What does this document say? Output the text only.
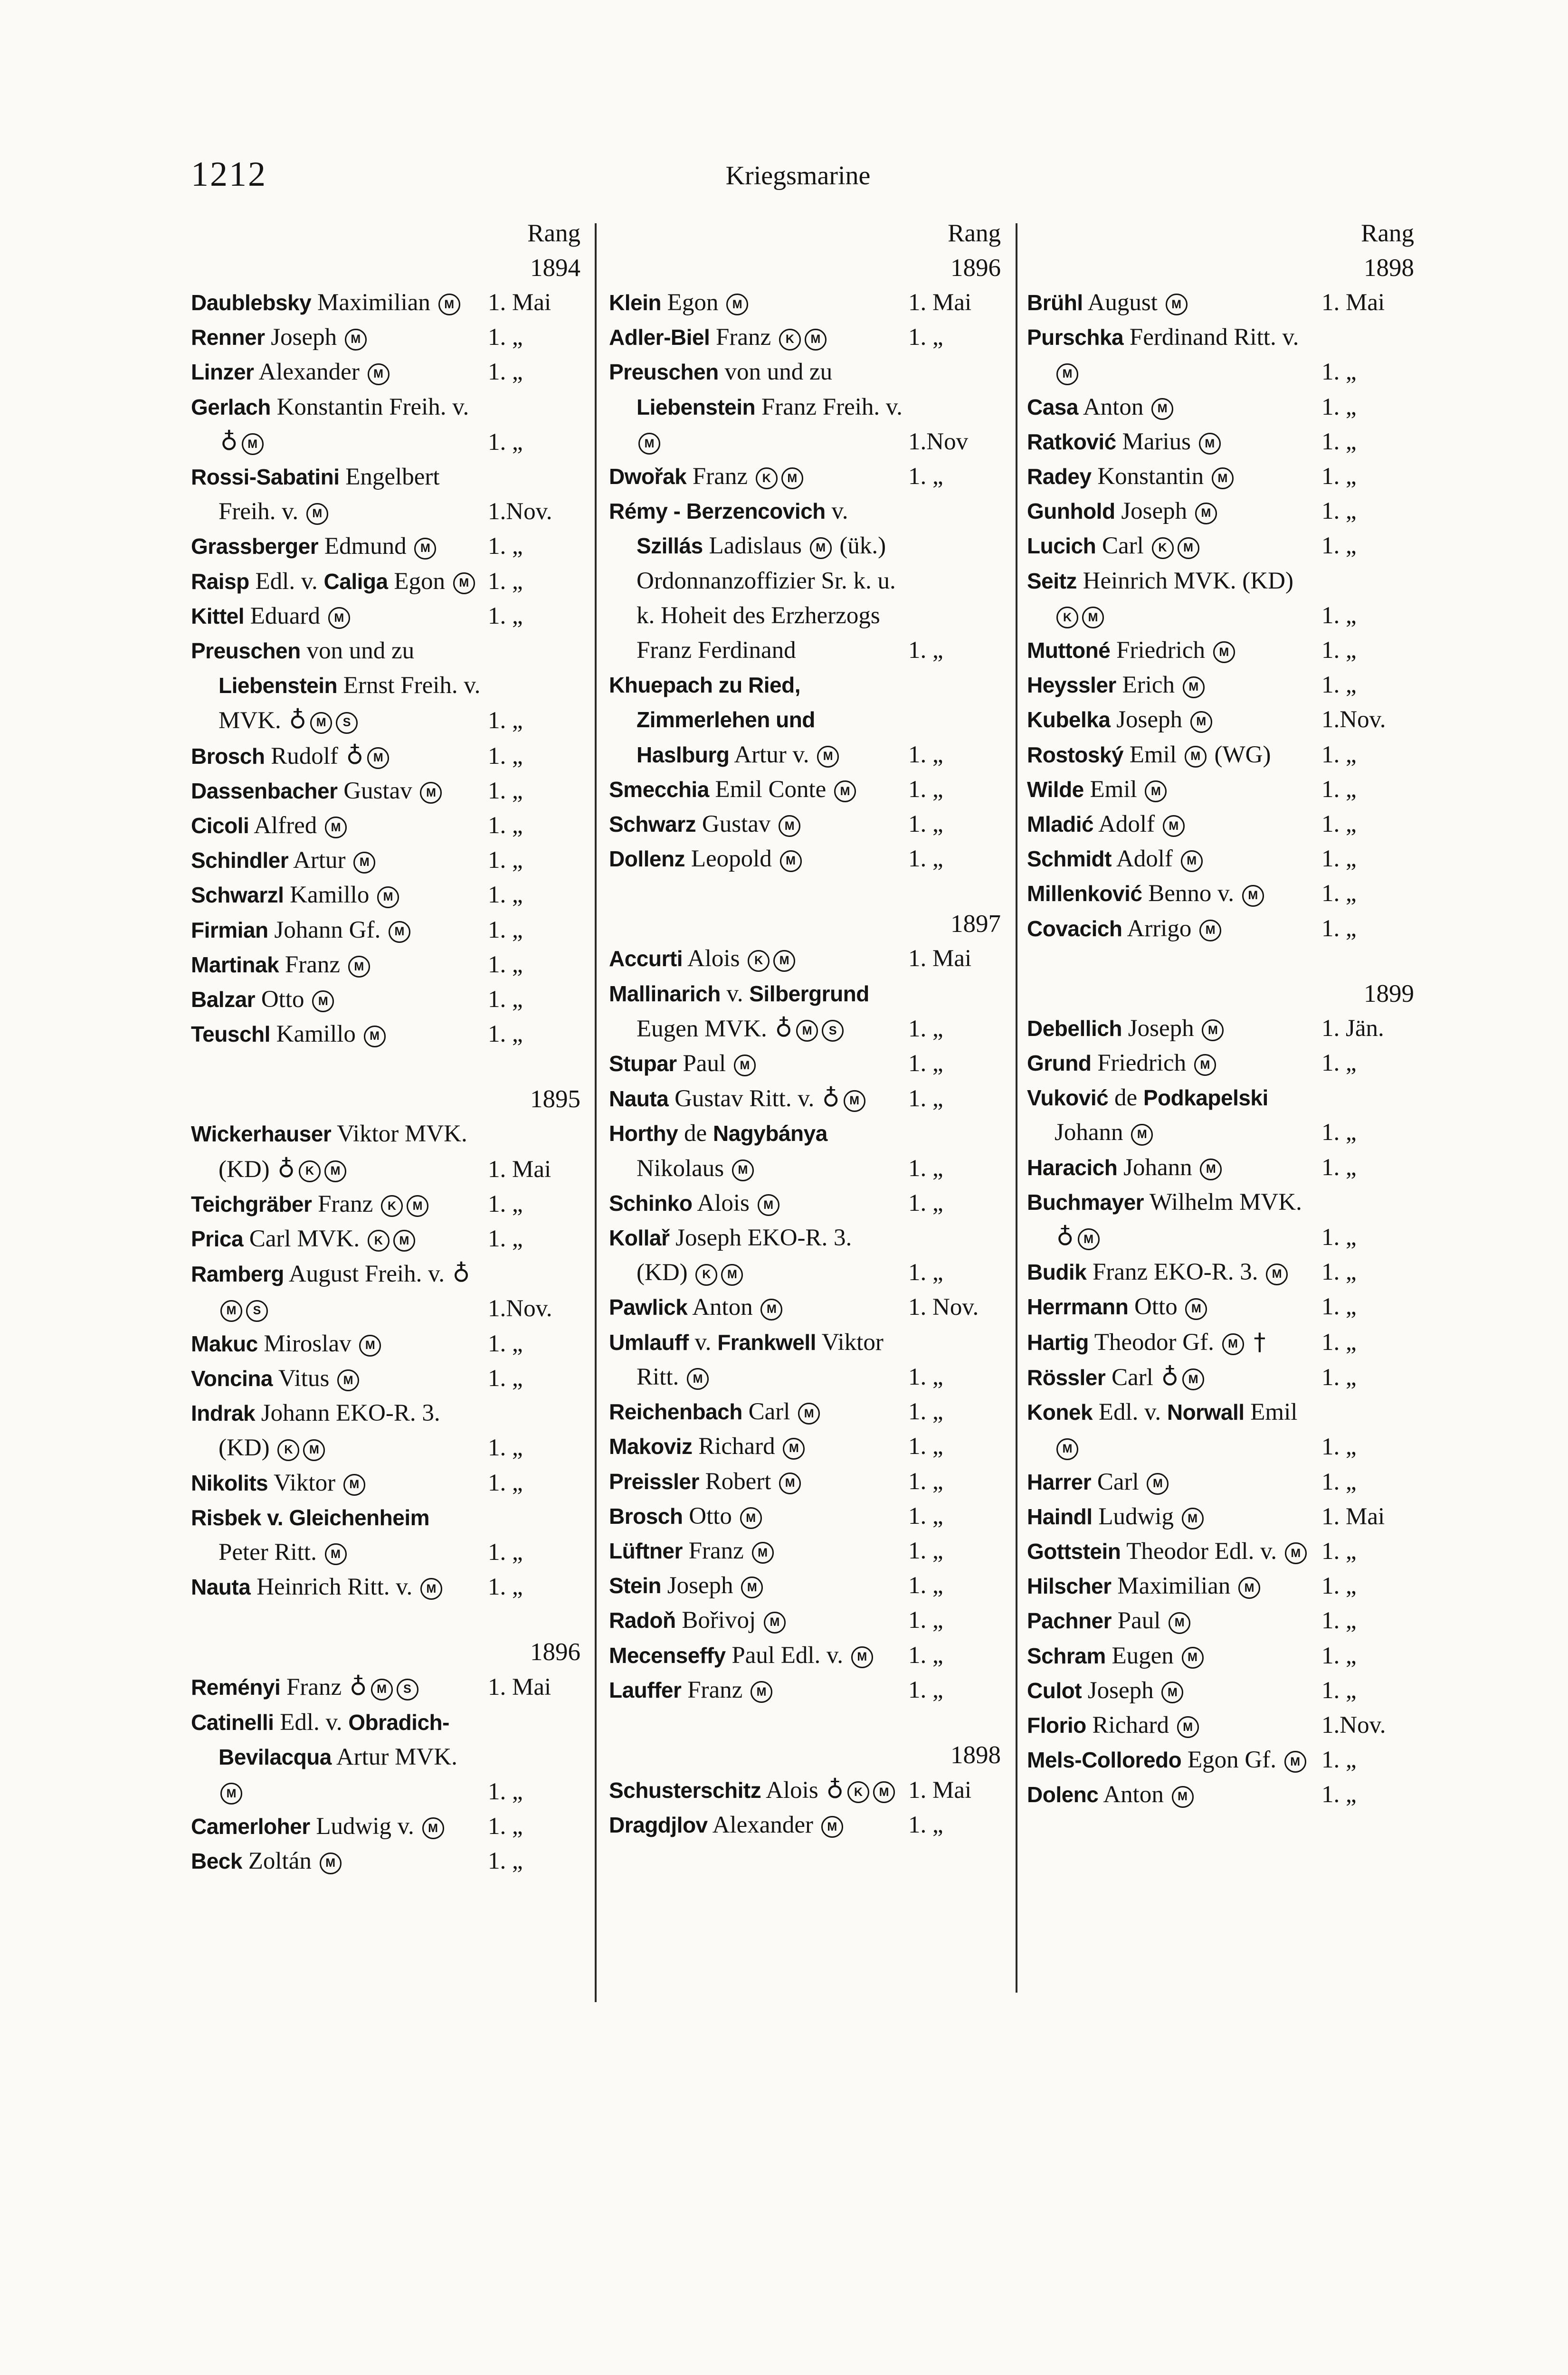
1212	Kriegsmarine
Rang
1894
Daublebsky Maximilian M 1. Mai
Renner Joseph M	1. „
Linzer Alexander M	1. „
Gerlach Konstantin Freih. v. ♁ M	1. „
Rossi-Sabatini Engelbert Freih. v. M	1.Nov.
Grassberger Edmund M 1. „
Raisp Edl. v. Caliga Egon M 1. „
Kittel Eduard M	1. „
Preuschen von und zu Liebenstein Ernst Freih. v. MVK. ♁ M S	1. „
Brosch Rudolf ♁ M	1. „
Dassenbacher Gustav M 1. „
Cicoli Alfred M	1. „
Schindler Artur M	1. „
Schwarzl Kamillo M	1. „
Firmian Johann Gf. M	1. „
Martinak Franz M	1. „
Balzar Otto M	1. „
Teuschl Kamillo M	1. „
1895
Wickerhauser Viktor MVK. (KD) ♁ K M	1. Mai
Teichgräber Franz K M	1. „
Prica Carl MVK. K M	1. „
Ramberg August Freih. v. ♁M S	1.Nov.
Makuc Miroslav M	1. „
Voncina Vitus M	1. „
Indrak Johann EKO-R. 3. (KD) K M	1. „
Nikolits Viktor M	1. „
Risbek v. Gleichenheim Peter Ritt. M	1. „
Nauta Heinrich Ritt. v. M 1. „
1896
Reményi Franz ♁ M S	1. Mai
Catinelli Edl. v. Obradich-Bevilacqua Artur MVK. M	1. „
Camerloher Ludwig v. M 1. „
Beck Zoltán M	1. „
Rang
1896
Klein Egon M	1. Mai
Adler-Biel Franz K M	1. „
Preuschen von und zu Liebenstein Franz Freih. v. M	1.Nov
Dwořak Franz K M	1. „
Rémy - Berzencovich v. Szillás Ladislaus M (ük.) Ordonnanzoffizier Sr. k. u. k. Hoheit des Erzherzogs Franz Ferdinand	1. „
Khuepach zu Ried, Zimmerlehen und Haslburg Artur v. M	1. „
Smecchia Emil Conte M 1. „
Schwarz Gustav M	1. „
Dollenz Leopold M	1. „
1897
Accurti Alois K M	1. Mai
Mallinarich v. Silbergrund Eugen MVK. ♁ M S	1. „
Stupar Paul M	1. „
Nauta Gustav Ritt. v. ♁ M 1. „
Horthy de Nagybánya Nikolaus M	1. „
Schinko Alois M	1. „
Kollař Joseph EKO-R. 3. (KD) K M	1. „
Pawlick Anton M	1. Nov.
Umlauff v. Frankwell Viktor Ritt. M	1. „
Reichenbach Carl M	1. „
Makoviz Richard M	1. „
Preissler Robert M	1. „
Brosch Otto M	1. „
Lüftner Franz M	1. „
Stein Joseph M	1. „
Radoň Bořivoj M	1. „
Mecenseffy Paul Edl. v. M 1. „
Lauffer Franz M	1. „
1898
Schusterschitz Alois ♁ K M 1. Mai
Dragdjlov Alexander M	1. „
Rang
1898
Brühl August M	1. Mai
Purschka Ferdinand Ritt. v. M	1. „
Casa Anton M	1. „
Ratković Marius M	1. „
Radey Konstantin M	1. „
Gunhold Joseph M	1. „
Lucich Carl K M	1. „
Seitz Heinrich MVK. (KD) K M	1. „
Muttoné Friedrich M	1. „
Heyssler Erich M	1. „
Kubelka Joseph M	1.Nov.
Rostoský Emil M (WG) 1. „
Wilde Emil M	1. „
Mladić Adolf M	1. „
Schmidt Adolf M	1. „
Millenković Benno v. M	1. „
Covacich Arrigo M	1. „
1899
Debellich Joseph M	1. Jän.
Grund Friedrich M	1. „
Vuković de Podkapelski Johann M	1. „
Haracich Johann M	1. „
Buchmayer Wilhelm MVK. ♁ M	1. „
Budik Franz EKO-R. 3. M 1. „
Herrmann Otto M	1. „
Hartig Theodor Gf. M † 1. „
Rössler Carl ♁ M	1. „
Konek Edl. v. Norwall Emil M	1. „
Harrer Carl M	1. „
Haindl Ludwig M	1. Mai
Gottstein Theodor Edl. v. M 1. „
Hilscher Maximilian M	1. „
Pachner Paul M	1. „
Schram Eugen M	1. „
Culot Joseph M	1. „
Florio Richard M	1.Nov.
Mels-Colloredo Egon Gf. M 1. „
Dolenc Anton M	1. „
